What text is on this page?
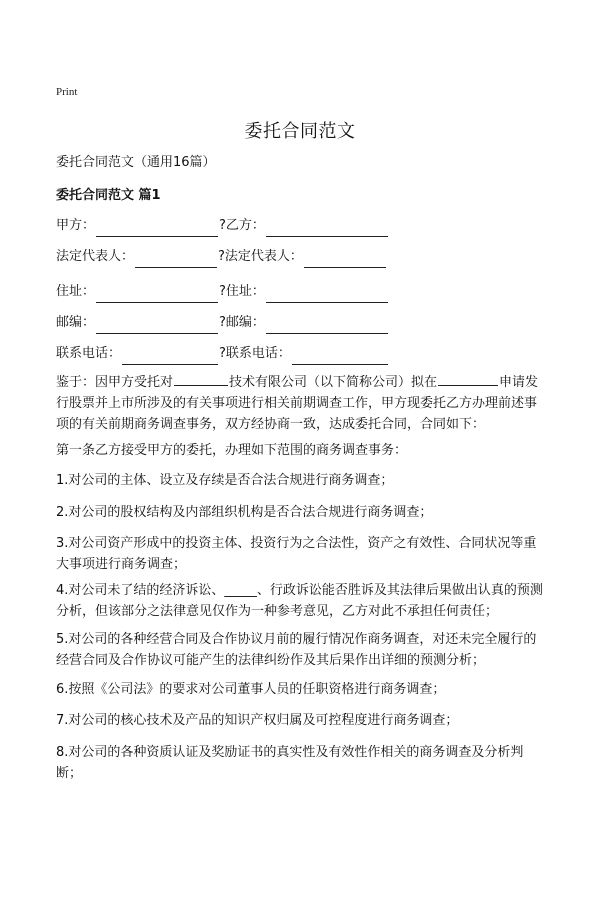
Print
委托合同范文

委托合同范文（通用16篇）

委托合同范文 篇1

甲方：	?乙方：
法定代表人：	?法定代表人：
住址：	?住址：
邮编：	?邮编：
联系电话：	?联系电话：

鉴于：因甲方受托对	技术有限公司（以下简称公司）拟在	申请发行股票并上市所涉及的有关事项进行相关前期调查工作，甲方现委托乙方办理前述事项的有关前期商务调查事务，双方经协商一致，达成委托合同，合同如下：

第一条乙方接受甲方的委托，办理如下范围的商务调查事务：

1.对公司的主体、设立及存续是否合法合规进行商务调查；

2.对公司的股权结构及内部组织机构是否合法合规进行商务调查；

3.对公司资产形成中的投资主体、投资行为之合法性，资产之有效性、合同状况等重大事项进行商务调查；

4.对公司未了结的经济诉讼、_____、行政诉讼能否胜诉及其法律后果做出认真的预测分析，但该部分之法律意见仅作为一种参考意见，乙方对此不承担任何责任；

5.对公司的各种经营合同及合作协议月前的履行情况作商务调查，对还未完全履行的经营合同及合作协议可能产生的法律纠纷作及其后果作出详细的预测分析；

6.按照《公司法》的要求对公司董事人员的任职资格进行商务调查；

7.对公司的核心技术及产品的知识产权归属及可控程度进行商务调查；

8.对公司的各种资质认证及奖励证书的真实性及有效性作相关的商务调查及分析判断；
